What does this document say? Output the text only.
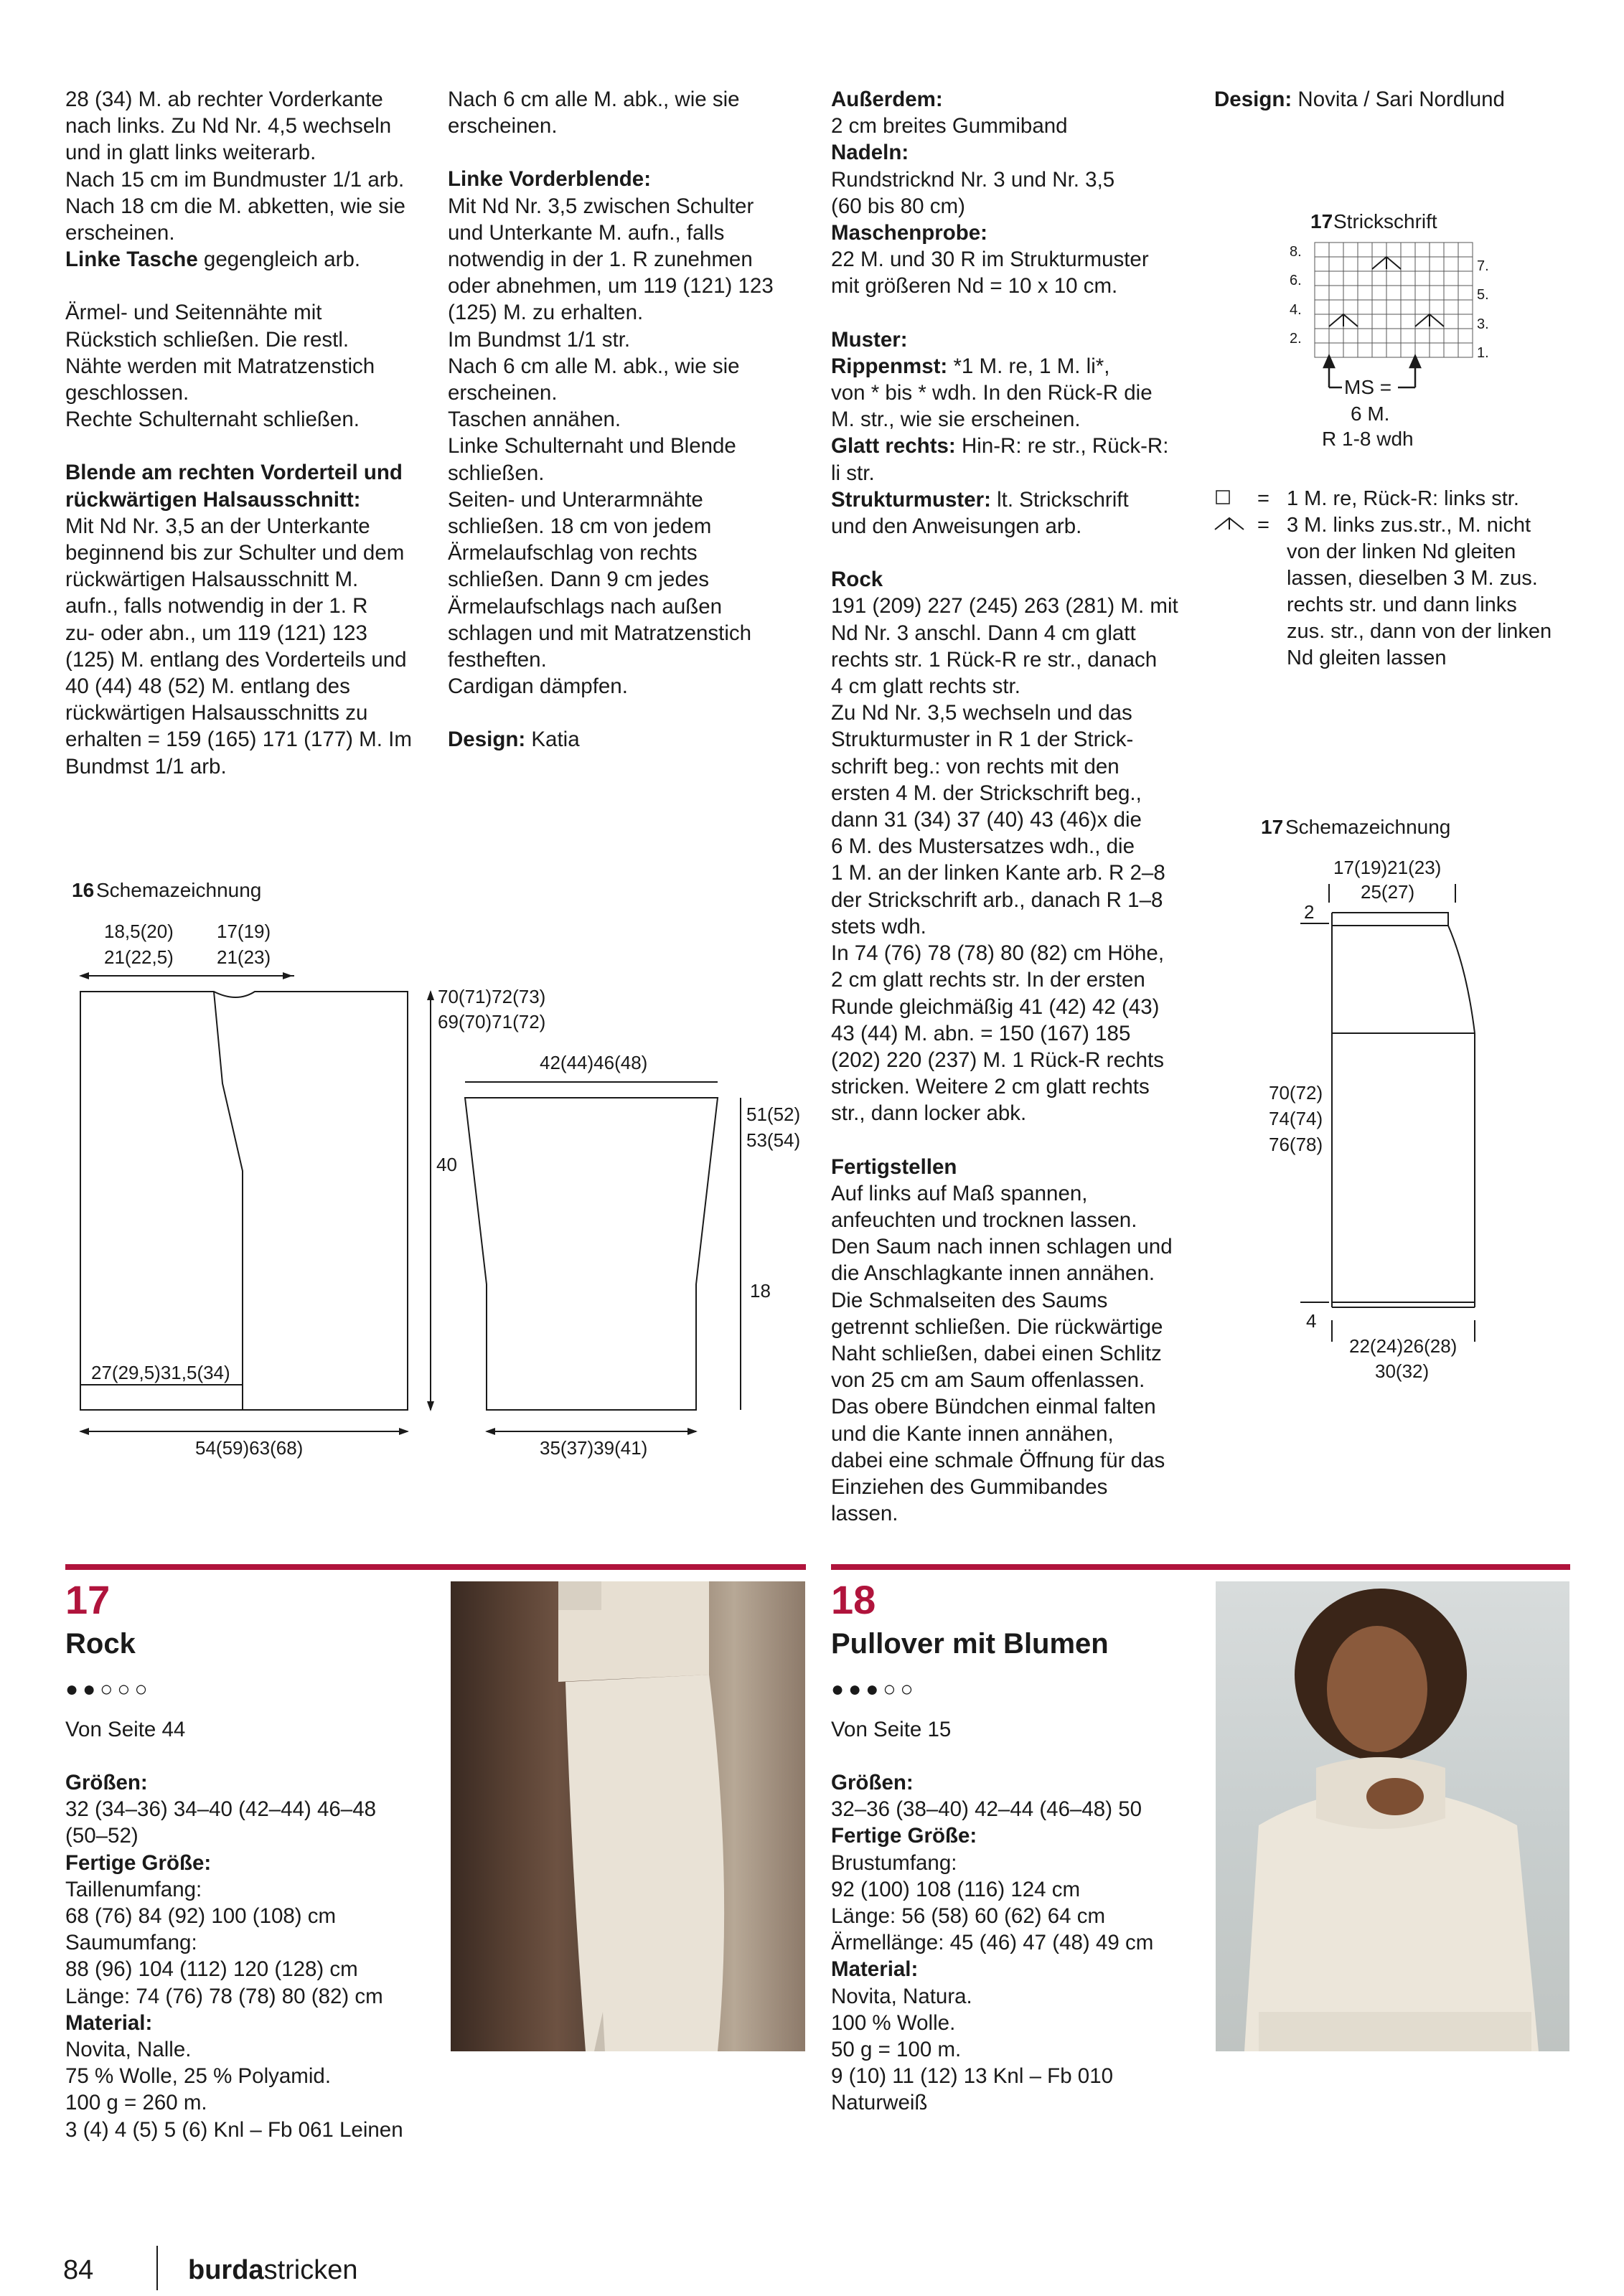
28 (34) M. ab rechter Vorderkante

nach links. Zu Nd Nr. 4,5 wechseln

und in glatt links weiterarb.

Nach 15 cm im Bundmuster 1/1 arb.

Nach 18 cm die M. abketten, wie sie

erscheinen.

Linke Tasche gegengleich arb.

Ärmel- und Seitennähte mit

Rückstich schließen. Die restl.

Nähte werden mit Matratzenstich

geschlossen.

Rechte Schulternaht schließen.

Blende am rechten Vorderteil und

rückwärtigen Halsausschnitt:

Mit Nd Nr. 3,5 an der Unterkante

beginnend bis zur Schulter und dem

rückwärtigen Halsausschnitt M.

aufn., falls notwendig in der 1. R

zu- oder abn., um 119 (121) 123

(125) M. entlang des Vorderteils und

40 (44) 48 (52) M. entlang des

rückwärtigen Halsausschnitts zu

erhalten = 159 (165) 171 (177) M. Im

Bundmst 1/1 arb.

Nach 6 cm alle M. abk., wie sie

erscheinen.

Linke Vorderblende:

Mit Nd Nr. 3,5 zwischen Schulter

und Unterkante M. aufn., falls

notwendig in der 1. R zunehmen

oder abnehmen, um 119 (121) 123

(125) M. zu erhalten.

Im Bundmst 1/1 str.

Nach 6 cm alle M. abk., wie sie

erscheinen.

Taschen annähen.

Linke Schulternaht und Blende

schließen.

Seiten- und Unterarmnähte

schließen. 18 cm von jedem

Ärmelaufschlag von rechts

schließen. Dann 9 cm jedes

Ärmelaufschlags nach außen

schlagen und mit Matratzenstich

festheften.

Cardigan dämpfen.

Design: Katia

Außerdem:

2 cm breites Gummiband

Nadeln:

Rundstricknd Nr. 3 und Nr. 3,5

(60 bis 80 cm)

Maschenprobe:

22 M. und 30 R im Strukturmuster

mit größeren Nd = 10 x 10 cm.

Muster:

Rippenmst: *1 M. re, 1 M. li*,

von * bis * wdh. In den Rück-R die

M. str., wie sie erscheinen.

Glatt rechts: Hin-R: re str., Rück-R:

li str.

Strukturmuster: lt. Strickschrift

und den Anweisungen arb.

Rock

191 (209) 227 (245) 263 (281) M. mit

Nd Nr. 3 anschl. Dann 4 cm glatt

rechts str. 1 Rück-R re str., danach

4 cm glatt rechts str.

Zu Nd Nr. 3,5 wechseln und das

Strukturmuster in R 1 der Strick-

schrift beg.: von rechts mit den

ersten 4 M. der Strickschrift beg.,

dann 31 (34) 37 (40) 43 (46)x die

6 M. des Mustersatzes wdh., die

1 M. an der linken Kante arb. R 2–8

der Strickschrift arb., danach R 1–8

stets wdh.

In 74 (76) 78 (78) 80 (82) cm Höhe,

2 cm glatt rechts str. In der ersten

Runde gleichmäßig 41 (42) 42 (43)

43 (44) M. abn. = 150 (167) 185

(202) 220 (237) M. 1 Rück-R rechts

stricken. Weitere 2 cm glatt rechts

str., dann locker abk.

Fertigstellen

Auf links auf Maß spannen,

anfeuchten und trocknen lassen.

Den Saum nach innen schlagen und

die Anschlagkante innen annähen.

Die Schmalseiten des Saums

getrennt schließen. Die rückwärtige

Naht schließen, dabei einen Schlitz

von 25 cm am Saum offenlassen.

Das obere Bündchen einmal falten

und die Kante innen annähen,

dabei eine schmale Öffnung für das

Einziehen des Gummibandes

lassen.

Design: Novita / Sari Nordlund

17 Strickschrift
8.
6.
4.
2.
7.
5.
3.
1.
MS =
6 M.
R 1-8 wdh
= 1 M. re, Rück-R: links str.
= 3 M. links zus.str., M. nicht
von der linken Nd gleiten
lassen, dieselben 3 M. zus.
rechts str. und dann links
zus. str., dann von der linken
Nd gleiten lassen
16 Schemazeichnung
18,5(20)
21(22,5)
17(19)
21(23)
27(29,5)31,5(34)
54(59)63(68)
70(71)72(73)
69(70)71(72)
40
42(44)46(48)
51(52)
53(54)
18
35(37)39(41)
17 Schemazeichnung
17(19)21(23)
25(27)
2
70(72)
74(74)
76(78)
4
22(24)26(28)
30(32)
17
Rock
●●○○○

Von Seite 44

Größen:

32 (34–36) 34–40 (42–44) 46–48

(50–52)

Fertige Größe:

Taillenumfang:

68 (76) 84 (92) 100 (108) cm

Saumumfang:

88 (96) 104 (112) 120 (128) cm

Länge: 74 (76) 78 (78) 80 (82) cm

Material:

Novita, Nalle.

75 % Wolle, 25 % Polyamid.

100 g = 260 m.

3 (4) 4 (5) 5 (6) Knl – Fb 061 Leinen

18
Pullover mit Blumen
●●●○○

Von Seite 15

Größen:

32–36 (38–40) 42–44 (46–48) 50

Fertige Größe:

Brustumfang:

92 (100) 108 (116) 124 cm

Länge: 56 (58) 60 (62) 64 cm

Ärmellänge: 45 (46) 47 (48) 49 cm

Material:

Novita, Natura.

100 % Wolle.

50 g = 100 m.

9 (10) 11 (12) 13 Knl – Fb 010

Naturweiß

84	burdastricken
